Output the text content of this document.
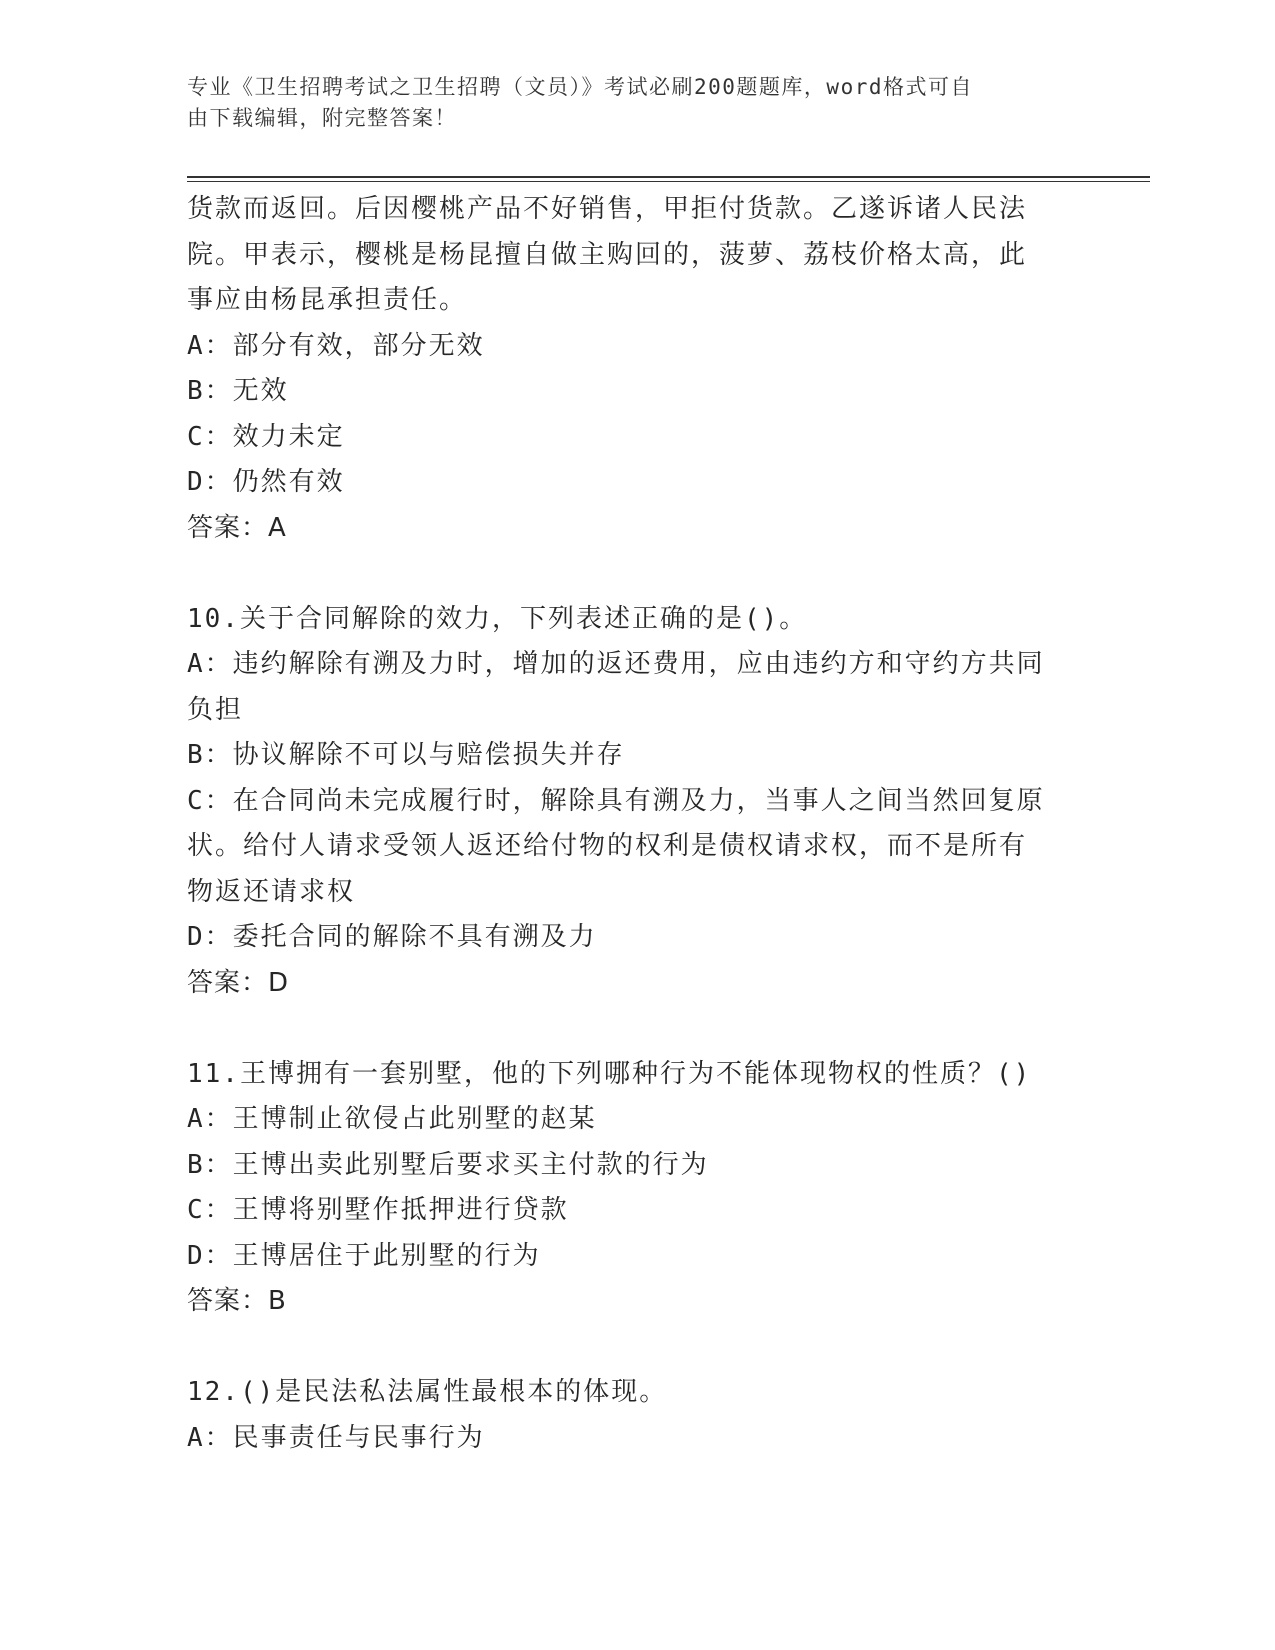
专业《卫生招聘考试之卫生招聘（文员）》考试必刷200题题库，word格式可自
由下载编辑，附完整答案！

货款而返回。后因樱桃产品不好销售，甲拒付货款。乙遂诉诸人民法

院。甲表示，樱桃是杨昆擅自做主购回的，菠萝、荔枝价格太高，此

事应由杨昆承担责任。

A：部分有效，部分无效

B：无效

C：效力未定

D：仍然有效

答案：A

10.关于合同解除的效力，下列表述正确的是()。

A：违约解除有溯及力时，增加的返还费用，应由违约方和守约方共同

负担

B：协议解除不可以与赔偿损失并存

C：在合同尚未完成履行时，解除具有溯及力，当事人之间当然回复原

状。给付人请求受领人返还给付物的权利是债权请求权，而不是所有

物返还请求权

D：委托合同的解除不具有溯及力

答案：D

11.王博拥有一套别墅，他的下列哪种行为不能体现物权的性质？()

A：王博制止欲侵占此别墅的赵某

B：王博出卖此别墅后要求买主付款的行为

C：王博将别墅作抵押进行贷款

D：王博居住于此别墅的行为

答案：B

12.()是民法私法属性最根本的体现。

A：民事责任与民事行为
